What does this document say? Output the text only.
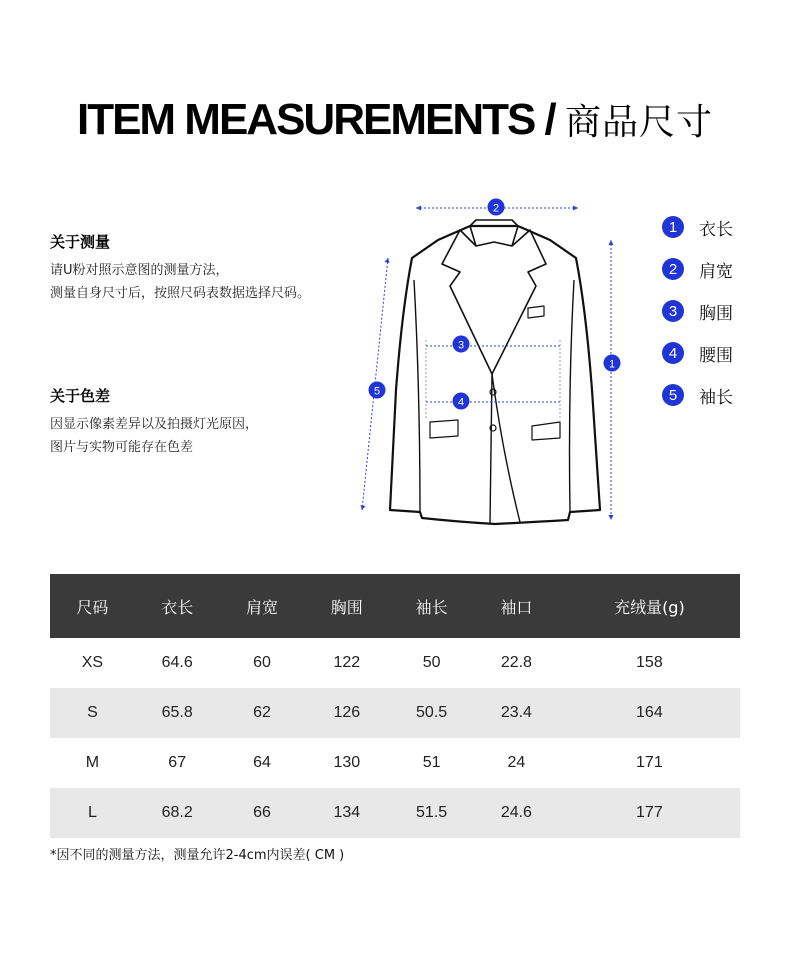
ITEM MEASUREMENTS / 商品尺寸
关于测量
请U粉对照示意图的测量方法，
测量自身尺寸后，按照尺码表数据选择尺码。
关于色差
因显示像素差异以及拍摄灯光原因，
图片与实物可能存在色差
2
1
3
4
5
1	衣长
2	肩宽
3	胸围
4	腰围
5	袖长
尺码	衣长	肩宽	胸围	袖长	袖口	充绒量(g)
XS	64.6	60	122	50	22.8	158
S	65.8	62	126	50.5	23.4	164
M	67	64	130	51	24	171
L	68.2	66	134	51.5	24.6	177
*因不同的测量方法，测量允许2-4cm内误差( CM )
